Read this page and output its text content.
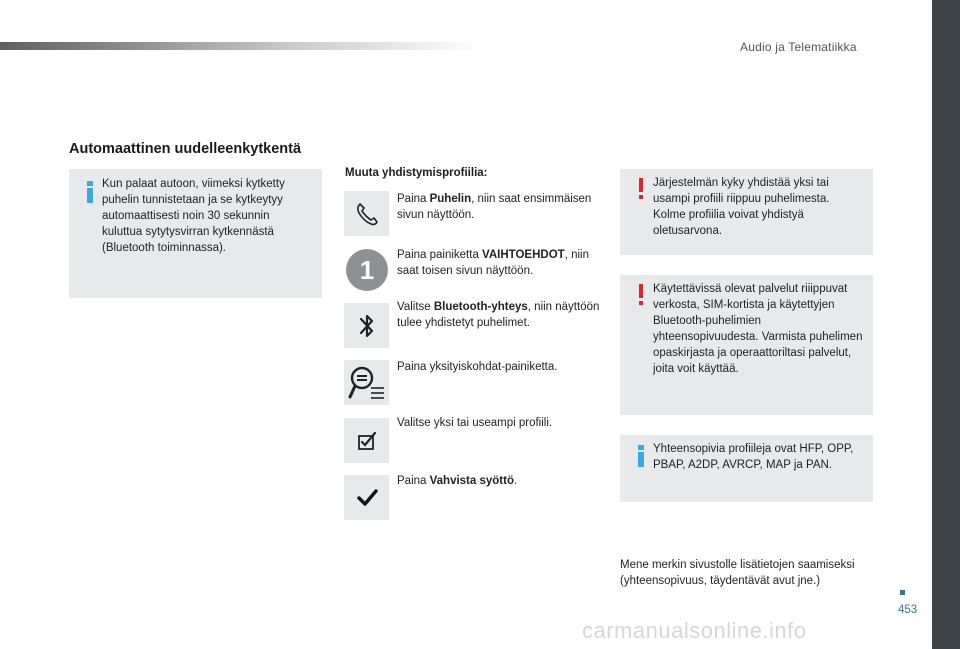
Audio ja Telematiikka
Automaattinen uudelleenkytkentä
Kun palaat autoon, viimeksi kytketty puhelin tunnistetaan ja se kytkeytyy automaattisesti noin 30 sekunnin kuluttua sytytysvirran kytkennästä (Bluetooth toiminnassa).
Muuta yhdistymisprofiilia:
Paina Puhelin, niin saat ensimmäisen sivun näyttöön.
1 Paina painiketta VAIHTOEHDOT, niin saat toisen sivun näyttöön.
Valitse Bluetooth-yhteys, niin näyttöön tulee yhdistetyt puhelimet.
Paina yksityiskohdat-painiketta.
Valitse yksi tai useampi profiili.
Paina Vahvista syöttö.
Järjestelmän kyky yhdistää yksi tai usampi profiili riippuu puhelimesta. Kolme profiilia voivat yhdistyä oletusarvona.
Käytettävissä olevat palvelut riiippuvat verkosta, SIM-kortista ja käytettyjen Bluetooth-puhelimien yhteensopivuudesta. Varmista puhelimen opaskirjasta ja operaattoriltasi palvelut, joita voit käyttää.
Yhteensopivia profiileja ovat HFP, OPP, PBAP, A2DP, AVRCP, MAP ja PAN.
Mene merkin sivustolle lisätietojen saamiseksi (yhteensopivuus, täydentävät avut jne.)
453
carmanualsonline.info
